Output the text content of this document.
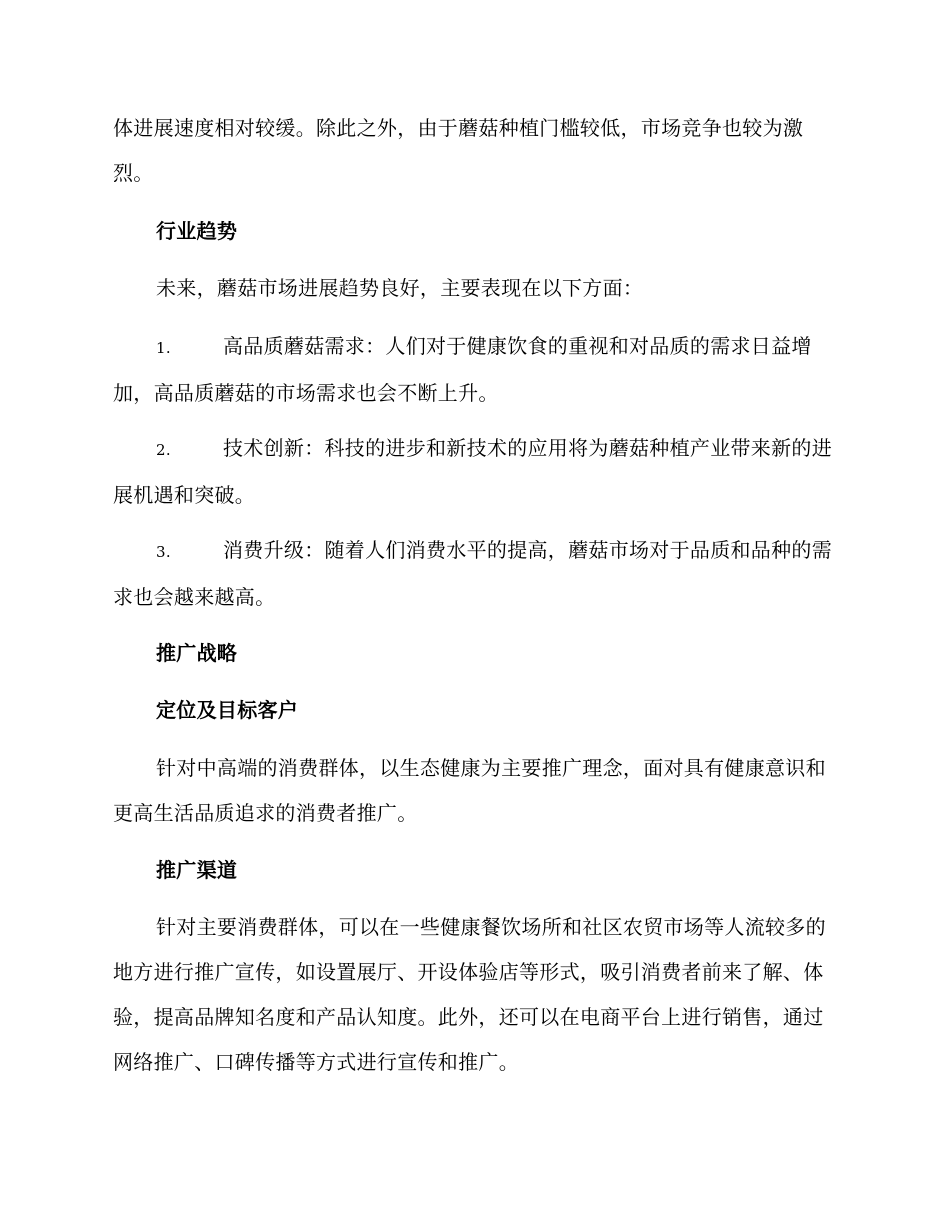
体进展速度相对较缓。除此之外，由于蘑菇种植门槛较低，市场竞争也较为激烈。

行业趋势

未来，蘑菇市场进展趋势良好，主要表现在以下方面：

1.	高品质蘑菇需求：人们对于健康饮食的重视和对品质的需求日益增加，高品质蘑菇的市场需求也会不断上升。

2.	技术创新：科技的进步和新技术的应用将为蘑菇种植产业带来新的进展机遇和突破。

3.	消费升级：随着人们消费水平的提高，蘑菇市场对于品质和品种的需求也会越来越高。

推广战略

定位及目标客户

针对中高端的消费群体，以生态健康为主要推广理念，面对具有健康意识和更高生活品质追求的消费者推广。

推广渠道

针对主要消费群体，可以在一些健康餐饮场所和社区农贸市场等人流较多的地方进行推广宣传，如设置展厅、开设体验店等形式，吸引消费者前来了解、体验，提高品牌知名度和产品认知度。此外，还可以在电商平台上进行销售，通过网络推广、口碑传播等方式进行宣传和推广。
